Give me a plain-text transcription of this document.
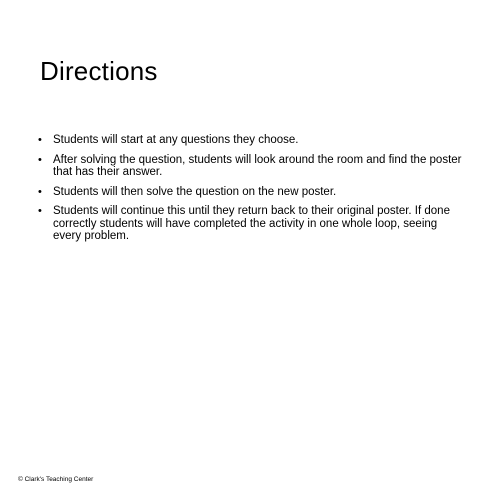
Directions
• Students will start at any questions they choose.
• After solving the question, students will look around the room and find the poster that has their answer.
• Students will then solve the question on the new poster.
• Students will continue this until they return back to their original poster. If done correctly students will have completed the activity in one whole loop, seeing every problem.
© Clark's Teaching Center
